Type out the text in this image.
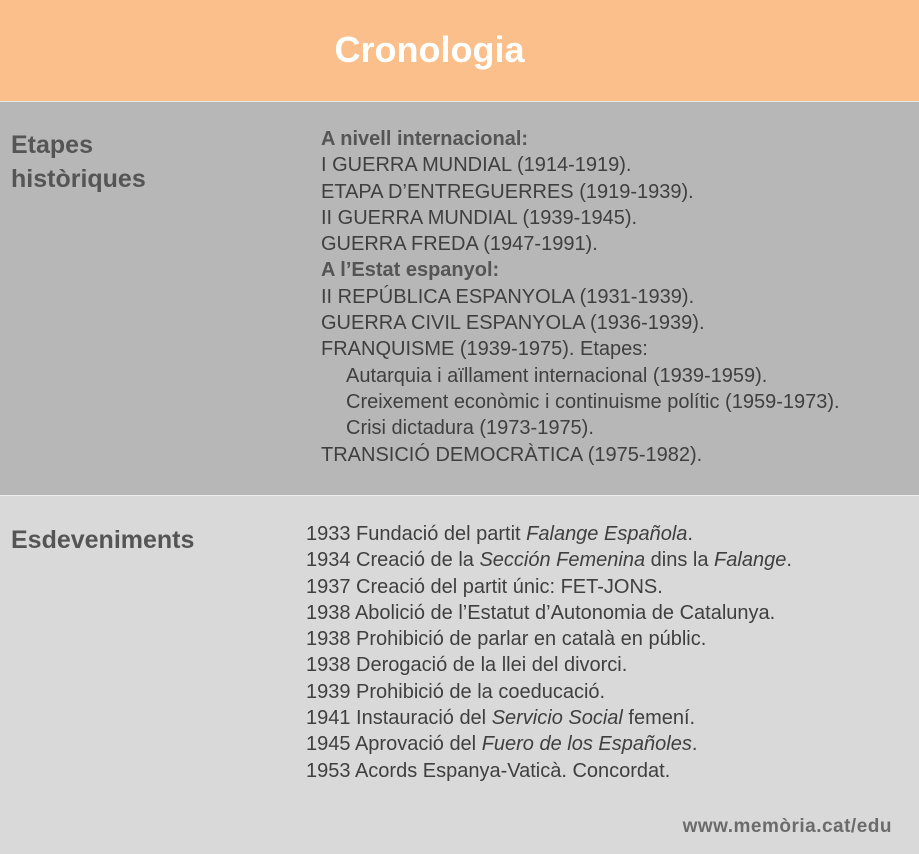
Cronologia
Etapes
històriques
A nivell internacional:
I GUERRA MUNDIAL (1914-1919).
ETAPA D’ENTREGUERRES (1919-1939).
II GUERRA MUNDIAL (1939-1945).
GUERRA FREDA (1947-1991).
A l’Estat espanyol:
II REPÚBLICA ESPANYOLA (1931-1939).
GUERRA CIVIL ESPANYOLA (1936-1939).
FRANQUISME (1939-1975). Etapes:
Autarquia i aïllament internacional (1939-1959).
Creixement econòmic i continuisme polític (1959-1973).
Crisi dictadura (1973-1975).
TRANSICIÓ DEMOCRÀTICA (1975-1982).
Esdeveniments	1933 Fundació del partit Falange Española.
1934 Creació de la Sección Femenina dins la Falange.
1937 Creació del partit únic: FET-JONS.
1938 Abolició de l’Estatut d’Autonomia de Catalunya.
1938 Prohibició de parlar en català en públic.
1938 Derogació de la llei del divorci.
1939 Prohibició de la coeducació.
1941 Instauració del Servicio Social femení.
1945 Aprovació del Fuero de los Españoles.
1953 Acords Espanya-Vaticà. Concordat.
www.memòria.cat/edu
